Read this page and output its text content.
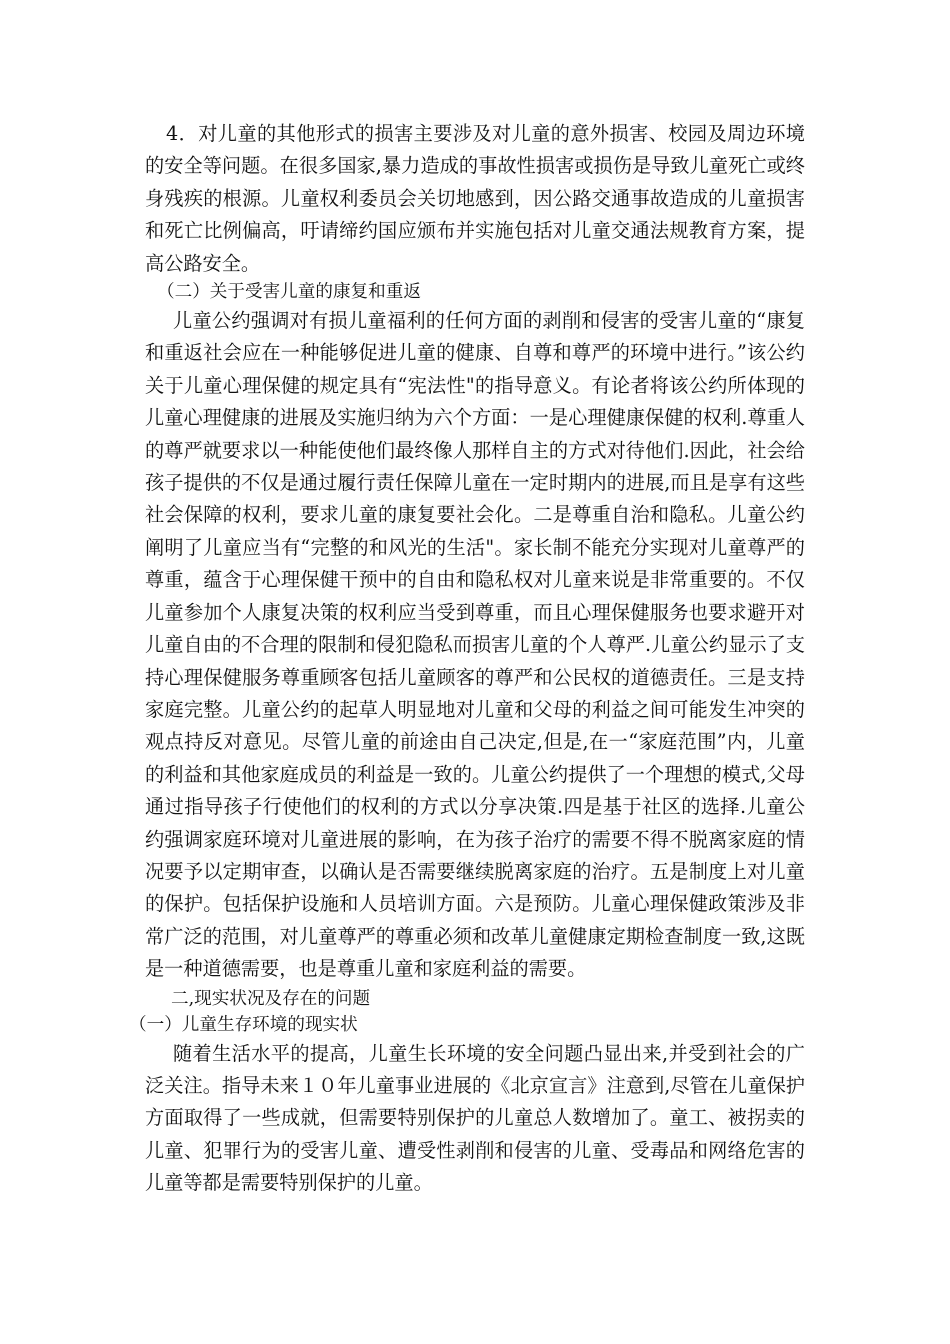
4．对儿童的其他形式的损害主要涉及对儿童的意外损害、校园及周边环境的安全等问题。在很多国家,暴力造成的事故性损害或损伤是导致儿童死亡或终身残疾的根源。儿童权利委员会关切地感到，因公路交通事故造成的儿童损害和死亡比例偏高，吁请缔约国应颁布并实施包括对儿童交通法规教育方案，提高公路安全。

（二）关于受害儿童的康复和重返

儿童公约强调对有损儿童福利的任何方面的剥削和侵害的受害儿童的“康复和重返社会应在一种能够促进儿童的健康、自尊和尊严的环境中进行。”该公约关于儿童心理保健的规定具有“宪法性"的指导意义。有论者将该公约所体现的儿童心理健康的进展及实施归纳为六个方面：一是心理健康保健的权利.尊重人的尊严就要求以一种能使他们最终像人那样自主的方式对待他们.因此，社会给孩子提供的不仅是通过履行责任保障儿童在一定时期内的进展,而且是享有这些社会保障的权利，要求儿童的康复要社会化。二是尊重自治和隐私。儿童公约阐明了儿童应当有“完整的和风光的生活"。家长制不能充分实现对儿童尊严的尊重，蕴含于心理保健干预中的自由和隐私权对儿童来说是非常重要的。不仅儿童参加个人康复决策的权利应当受到尊重，而且心理保健服务也要求避开对儿童自由的不合理的限制和侵犯隐私而损害儿童的个人尊严.儿童公约显示了支持心理保健服务尊重顾客包括儿童顾客的尊严和公民权的道德责任。三是支持家庭完整。儿童公约的起草人明显地对儿童和父母的利益之间可能发生冲突的观点持反对意见。尽管儿童的前途由自己决定,但是,在一“家庭范围”内，儿童的利益和其他家庭成员的利益是一致的。儿童公约提供了一个理想的模式,父母通过指导孩子行使他们的权利的方式以分享决策.四是基于社区的选择.儿童公约强调家庭环境对儿童进展的影响，在为孩子治疗的需要不得不脱离家庭的情况要予以定期审查，以确认是否需要继续脱离家庭的治疗。五是制度上对儿童的保护。包括保护设施和人员培训方面。六是预防。儿童心理保健政策涉及非常广泛的范围，对儿童尊严的尊重必须和改革儿童健康定期检查制度一致,这既是一种道德需要，也是尊重儿童和家庭利益的需要。

二,现实状况及存在的问题

（一）儿童生存环境的现实状

随着生活水平的提高，儿童生长环境的安全问题凸显出来,并受到社会的广泛关注。指导未来１０年儿童事业进展的《北京宣言》注意到,尽管在儿童保护方面取得了一些成就，但需要特别保护的儿童总人数增加了。童工、被拐卖的儿童、犯罪行为的受害儿童、遭受性剥削和侵害的儿童、受毒品和网络危害的儿童等都是需要特别保护的儿童。
